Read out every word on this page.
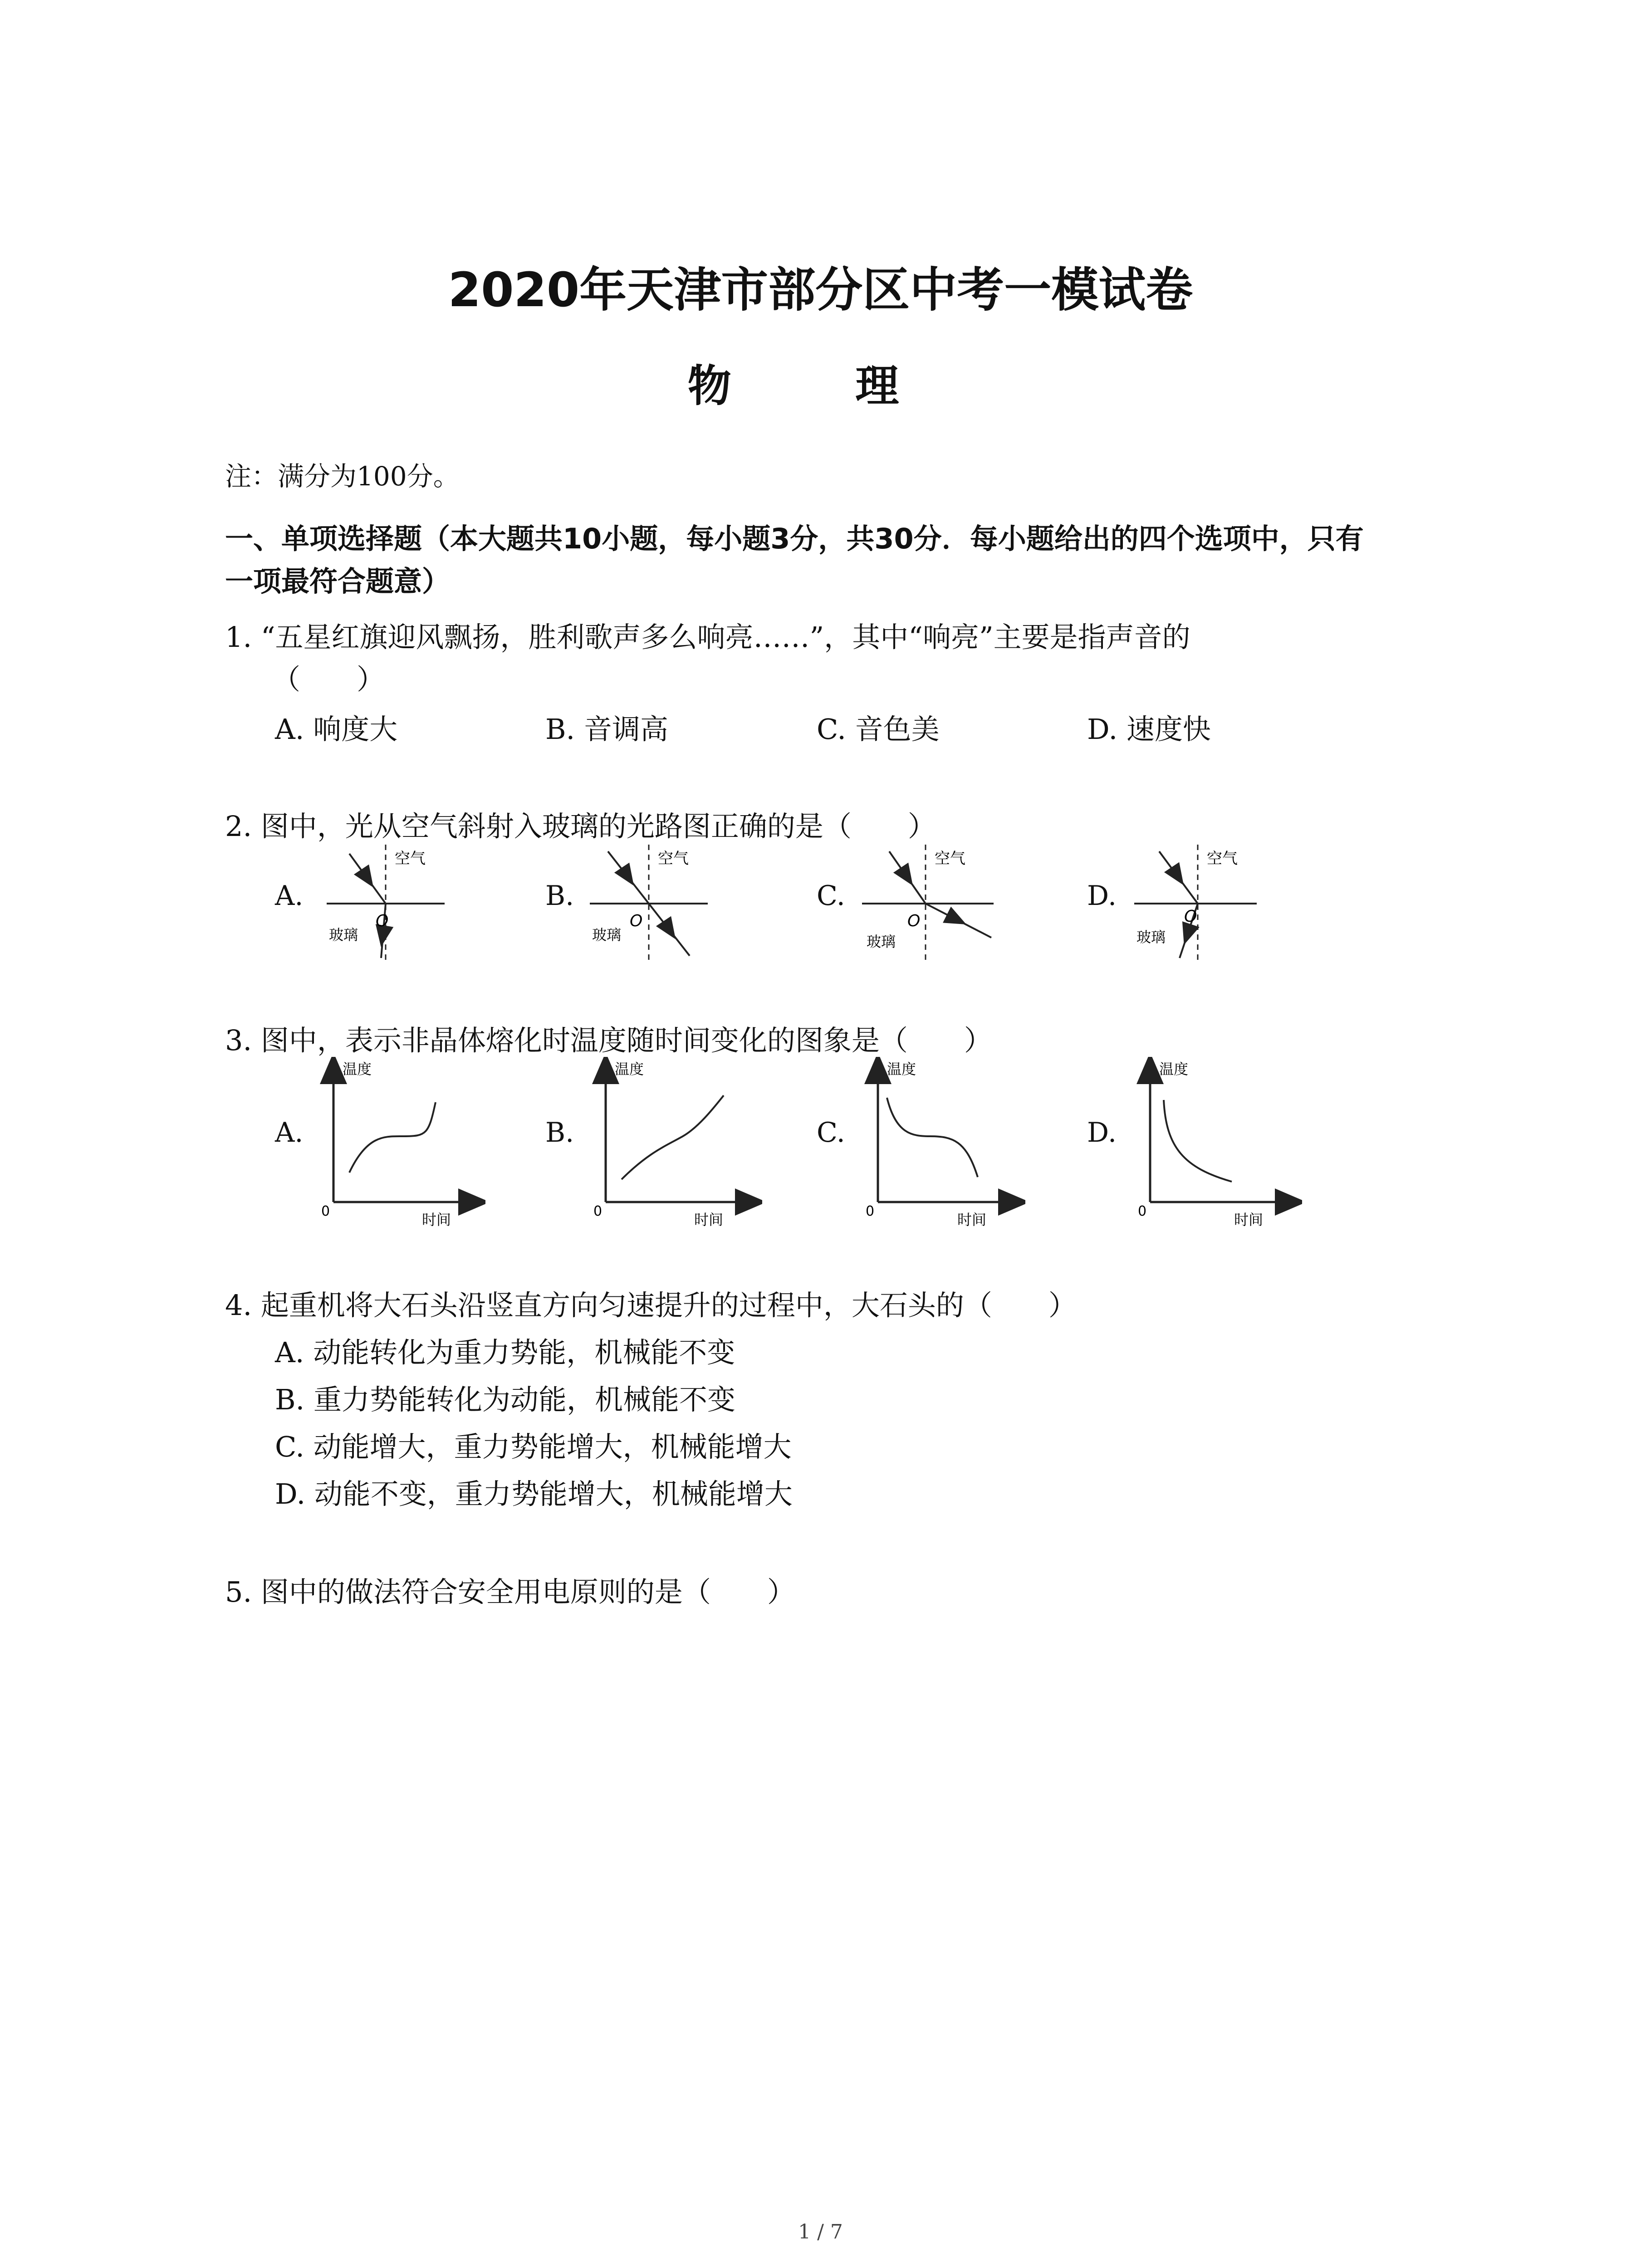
2020年天津市部分区中考一模试卷
物 理
注：满分为100分。
一、单项选择题（本大题共10小题，每小题3分，共30分．每小题给出的四个选项中，只有
一项最符合题意）
1. “五星红旗迎风飘扬，胜利歌声多么响亮……”，其中“响亮”主要是指声音的
（　　）
A. 响度大	B. 音调高	C. 音色美	D. 速度快
2. 图中，光从空气斜射入玻璃的光路图正确的是（　　）
A.	B.	C.	D.
空气
O
玻璃
空气
O
玻璃
空气
O
玻璃
空气
O
玻璃
3. 图中，表示非晶体熔化时温度随时间变化的图象是（　　）
A.	B.	C.	D.
温度
时间
0
温度
时间
0
温度
时间
0
温度
时间
0
4. 起重机将大石头沿竖直方向匀速提升的过程中，大石头的（　　）
A. 动能转化为重力势能，机械能不变
B. 重力势能转化为动能，机械能不变
C. 动能增大，重力势能增大，机械能增大
D. 动能不变，重力势能增大，机械能增大
5. 图中的做法符合安全用电原则的是（　　）
1 / 7
